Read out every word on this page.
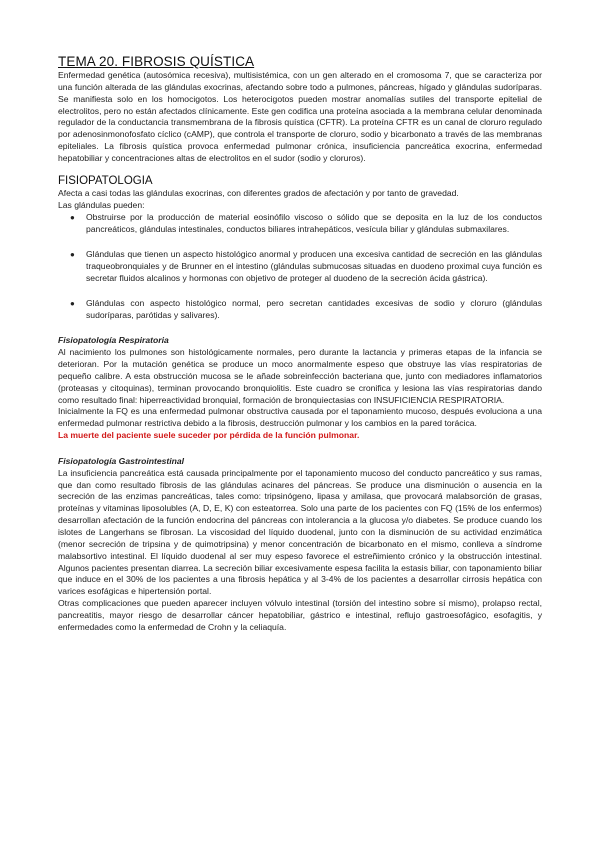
TEMA 20. FIBROSIS QUÍSTICA

Enfermedad genética (autosómica recesiva), multisistémica, con un gen alterado en el cromosoma 7, que se caracteriza por una función alterada de las glándulas exocrinas, afectando sobre todo a pulmones, páncreas, hígado y glándulas sudoríparas. Se manifiesta solo en los homocigotos. Los heterocigotos pueden mostrar anomalías sutiles del transporte epitelial de electrolitos, pero no están afectados clínicamente. Este gen codifica una proteína asociada a la membrana celular denominada regulador de la conductancia transmembrana de la fibrosis quística (CFTR). La proteína CFTR es un canal de cloruro regulado por adenosinmonofosfato cíclico (cAMP), que controla el transporte de cloruro, sodio y bicarbonato a través de las membranas epiteliales. La fibrosis quística provoca enfermedad pulmonar crónica, insuficiencia pancreática exocrina, enfermedad hepatobiliar y concentraciones altas de electrolitos en el sudor (sodio y cloruros).

FISIOPATOLOGIA

Afecta a casi todas las glándulas exocrinas, con diferentes grados de afectación y por tanto de gravedad.

Las glándulas pueden:

● Obstruirse por la producción de material eosinófilo viscoso o sólido que se deposita en la luz de los conductos pancreáticos, glándulas intestinales, conductos biliares intrahepáticos, vesícula biliar y glándulas submaxilares.
● Glándulas que tienen un aspecto histológico anormal y producen una excesiva cantidad de secreción en las glándulas traqueobronquiales y de Brunner en el intestino (glándulas submucosas situadas en duodeno proximal cuya función es secretar fluidos alcalinos y hormonas con objetivo de proteger al duodeno de la secreción ácida gástrica).
● Glándulas con aspecto histológico normal, pero secretan cantidades excesivas de sodio y cloruro (glándulas sudoríparas, parótidas y salivares).

Fisiopatología Respiratoria

Al nacimiento los pulmones son histológicamente normales, pero durante la lactancia y primeras etapas de la infancia se deterioran. Por la mutación genética se produce un moco anormalmente espeso que obstruye las vías respiratorias de pequeño calibre. A esta obstrucción mucosa se le añade sobreinfección bacteriana que, junto con mediadores inflamatorios (proteasas y citoquinas), terminan provocando bronquiolitis. Este cuadro se cronifica y lesiona las vías respiratorias dando como resultado final: hiperreactividad bronquial, formación de bronquiectasias con INSUFICIENCIA RESPIRATORIA.

Inicialmente la FQ es una enfermedad pulmonar obstructiva causada por el taponamiento mucoso, después evoluciona a una enfermedad pulmonar restrictiva debido a la fibrosis, destrucción pulmonar y los cambios en la pared torácica.

La muerte del paciente suele suceder por pérdida de la función pulmonar.

Fisiopatología Gastrointestinal

La insuficiencia pancreática está causada principalmente por el taponamiento mucoso del conducto pancreático y sus ramas, que dan como resultado fibrosis de las glándulas acinares del páncreas. Se produce una disminución o ausencia en la secreción de las enzimas pancreáticas, tales como: tripsinógeno, lipasa y amilasa, que provocará malabsorción de grasas, proteínas y vitaminas liposolubles (A, D, E, K) con esteatorrea. Solo una parte de los pacientes con FQ (15% de los enfermos) desarrollan afectación de la función endocrina del páncreas con intolerancia a la glucosa y/o diabetes. Se produce cuando los islotes de Langerhans se fibrosan. La viscosidad del líquido duodenal, junto con la disminución de su actividad enzimática (menor secreción de tripsina y de quimotripsina) y menor concentración de bicarbonato en el mismo, conlleva a síndrome malabsortivo intestinal. El líquido duodenal al ser muy espeso favorece el estreñimiento crónico y la obstrucción intestinal. Algunos pacientes presentan diarrea. La secreción biliar excesivamente espesa facilita la estasis biliar, con taponamiento biliar que induce en el 30% de los pacientes a una fibrosis hepática y al 3-4% de los pacientes a desarrollar cirrosis hepática con varices esofágicas e hipertensión portal.

Otras complicaciones que pueden aparecer incluyen vólvulo intestinal (torsión del intestino sobre sí mismo), prolapso rectal, pancreatitis, mayor riesgo de desarrollar cáncer hepatobiliar, gástrico e intestinal, reflujo gastroesofágico, esofagitis, y enfermedades como la enfermedad de Crohn y la celiaquía.
